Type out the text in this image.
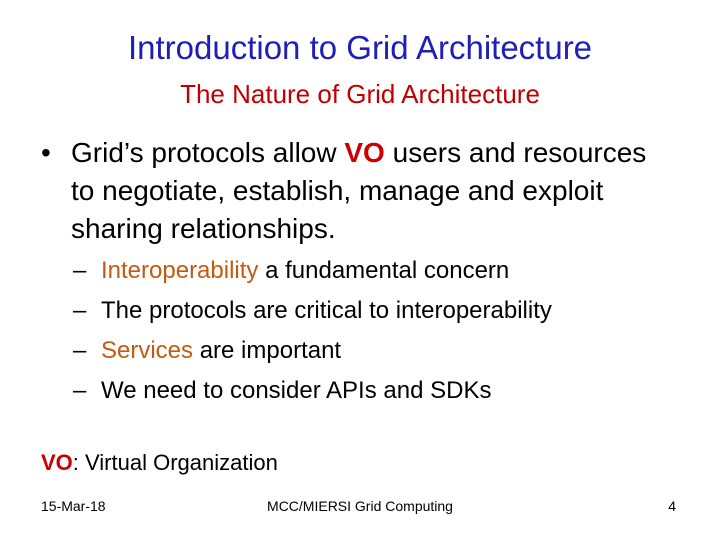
Introduction to Grid Architecture
The Nature of Grid Architecture
• Grid’s protocols allow VO users and resources to negotiate, establish, manage and exploit sharing relationships.
– Interoperability a fundamental concern
– The protocols are critical to interoperability
– Services are important
– We need to consider APIs and SDKs
VO: Virtual Organization
MCC/MIERSI Grid Computing
15-Mar-18	4
